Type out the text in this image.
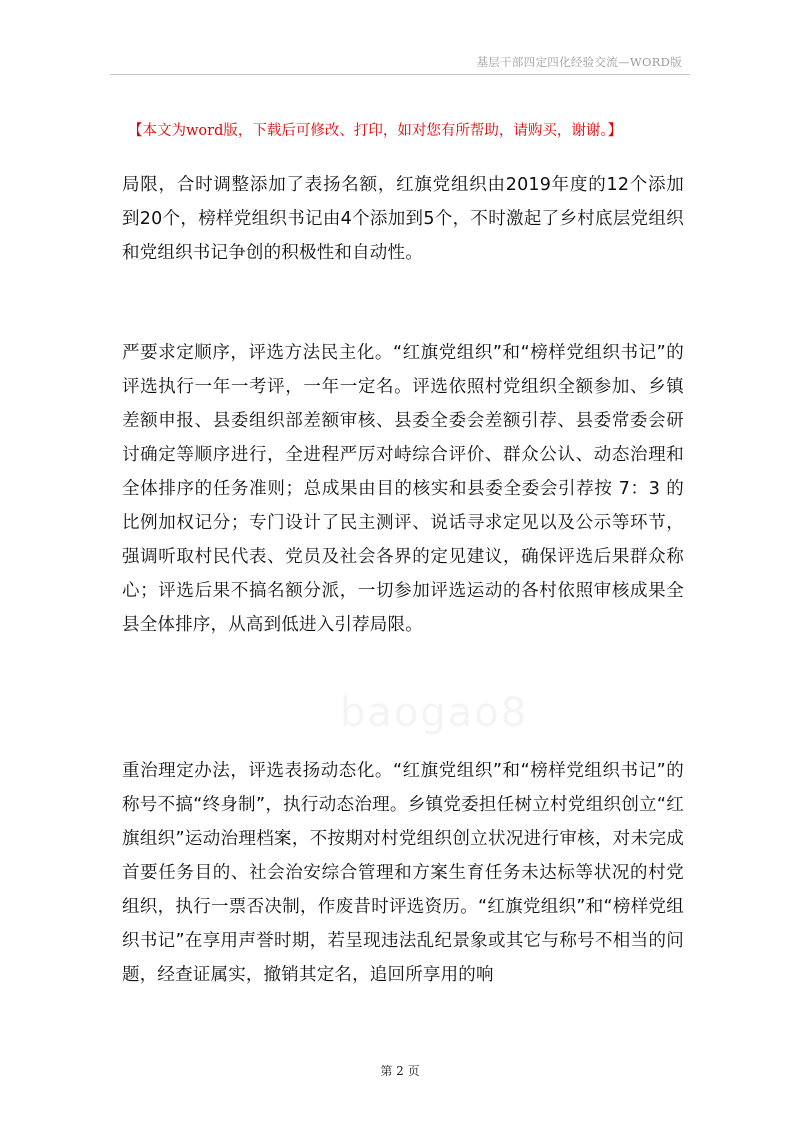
基层干部四定四化经验交流—WORD版
【本文为word版，下载后可修改、打印，如对您有所帮助，请购买，谢谢。】

局限，合时调整添加了表扬名额，红旗党组织由2019年度的12个添加到20个，榜样党组织书记由4个添加到5个，不时激起了乡村底层党组织和党组织书记争创的积极性和自动性。

严要求定顺序，评选方法民主化。“红旗党组织”和“榜样党组织书记”的评选执行一年一考评，一年一定名。评选依照村党组织全额参加、乡镇差额申报、县委组织部差额审核、县委全委会差额引荐、县委常委会研讨确定等顺序进行，全进程严厉对峙综合评价、群众公认、动态治理和全体排序的任务准则；总成果由目的核实和县委全委会引荐按 7：3 的比例加权记分；专门设计了民主测评、说话寻求定见以及公示等环节，强调听取村民代表、党员及社会各界的定见建议，确保评选后果群众称心；评选后果不搞名额分派，一切参加评选运动的各村依照审核成果全县全体排序，从高到低进入引荐局限。

重治理定办法，评选表扬动态化。“红旗党组织”和“榜样党组织书记”的称号不搞“终身制”，执行动态治理。乡镇党委担任树立村党组织创立“红旗组织”运动治理档案，不按期对村党组织创立状况进行审核，对未完成首要任务目的、社会治安综合管理和方案生育任务未达标等状况的村党组织，执行一票否决制，作废昔时评选资历。“红旗党组织”和“榜样党组织书记”在享用声誉时期，若呈现违法乱纪景象或其它与称号不相当的问题，经查证属实，撤销其定名，追回所享用的响

baogao8
第 2 页
